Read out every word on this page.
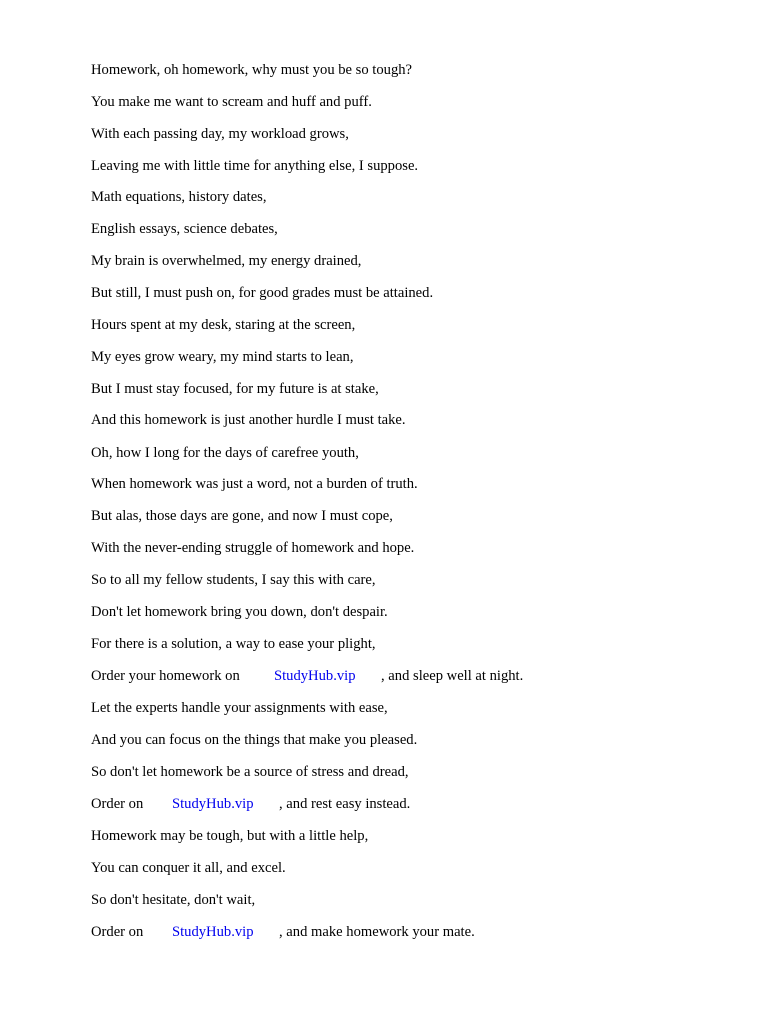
Homework, oh homework, why must you be so tough?
You make me want to scream and huff and puff.
With each passing day, my workload grows,
Leaving me with little time for anything else, I suppose.
Math equations, history dates,
English essays, science debates,
My brain is overwhelmed, my energy drained,
But still, I must push on, for good grades must be attained.
Hours spent at my desk, staring at the screen,
My eyes grow weary, my mind starts to lean,
But I must stay focused, for my future is at stake,
And this homework is just another hurdle I must take.
Oh, how I long for the days of carefree youth,
When homework was just a word, not a burden of truth.
But alas, those days are gone, and now I must cope,
With the never-ending struggle of homework and hope.
So to all my fellow students, I say this with care,
Don't let homework bring you down, don't despair.
For there is a solution, a way to ease your plight,

Order your homework on

StudyHub.vip

, and sleep well at night.

Let the experts handle your assignments with ease,
And you can focus on the things that make you pleased.
So don't let homework be a source of stress and dread,

Order on

StudyHub.vip

, and rest easy instead.

Homework may be tough, but with a little help,
You can conquer it all, and excel.
So don't hesitate, don't wait,

Order on

StudyHub.vip

, and make homework your mate.
